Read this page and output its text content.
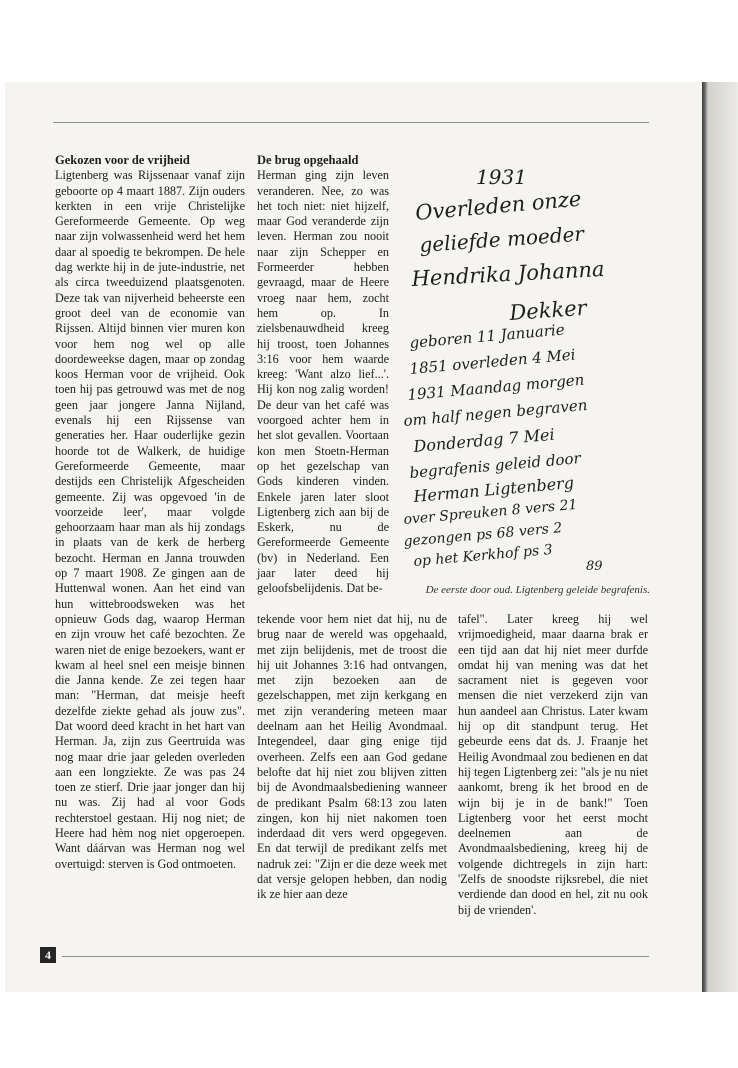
Gekozen voor de vrijheid

Ligtenberg was Rijssenaar vanaf zijn geboorte op 4 maart 1887. Zijn ouders kerkten in een vrije Christelijke Gereformeerde Gemeente. Op weg naar zijn volwassenheid werd het hem daar al spoedig te bekrompen. De hele dag werkte hij in de jute-industrie, net als circa tweeduizend plaatsgenoten. Deze tak van nijverheid beheerste een groot deel van de economie van Rijssen. Altijd binnen vier muren kon voor hem nog wel op alle doordeweekse dagen, maar op zondag koos Herman voor de vrijheid. Ook toen hij pas getrouwd was met de nog geen jaar jongere Janna Nijland, evenals hij een Rijssense van generaties her. Haar ouderlijke gezin hoorde tot de Walkerk, de huidige Gereformeerde Gemeente, maar destijds een Christelijk Afgescheiden gemeente. Zij was opgevoed 'in de voorzeide leer', maar volgde gehoorzaam haar man als hij zondags in plaats van de kerk de herberg bezocht. Herman en Janna trouwden op 7 maart 1908. Ze gingen aan de Huttenwal wonen. Aan het eind van hun wittebroodsweken was het opnieuw Gods dag, waarop Herman en zijn vrouw het café bezochten. Ze waren niet de enige bezoekers, want er kwam al heel snel een meisje binnen die Janna kende. Ze zei tegen haar man: "Herman, dat meisje heeft dezelfde ziekte gehad als jouw zus". Dat woord deed kracht in het hart van Herman. Ja, zijn zus Geertruida was nog maar drie jaar geleden overleden aan een longziekte. Ze was pas 24 toen ze stierf. Drie jaar jonger dan hij nu was. Zij had al voor Gods rechterstoel gestaan. Hij nog niet; de Heere had hèm nog niet opgeroepen. Want dáárvan was Herman nog wel overtuigd: sterven is God ontmoeten.

De brug opgehaald

Herman ging zijn leven veranderen. Nee, zo was het toch niet: niet hijzelf, maar God veranderde zijn leven. Herman zou nooit naar zijn Schepper en Formeerder hebben gevraagd, maar de Heere vroeg naar hem, zocht hem op. In zielsbenauwdheid kreeg hij troost, toen Johannes 3:16 voor hem waarde kreeg: 'Want alzo lief...'. Hij kon nog zalig worden! De deur van het café was voorgoed achter hem in het slot gevallen. Voortaan kon men Stoetn-Herman op het gezelschap van Gods kinderen vinden. Enkele jaren later sloot Ligtenberg zich aan bij de Eskerk, nu de Gereformeerde Gemeente (bv) in Nederland. Een jaar later deed hij geloofsbelijdenis. Dat be-

1931
Overleden onze
geliefde moeder
Hendrika Johanna
Dekker
geboren 11 Januarie
1851 overleden 4 Mei
1931 Maandag morgen
om half negen begraven
Donderdag 7 Mei
begrafenis geleid door
Herman Ligtenberg
over Spreuken 8 vers 21
gezongen ps 68 vers 2
op het Kerkhof ps 3	89

De eerste door oud. Ligtenberg geleide begrafenis.

tekende voor hem niet dat hij, nu de brug naar de wereld was opgehaald, met zijn belijdenis, met de troost die hij uit Johannes 3:16 had ontvangen, met zijn bezoeken aan de gezelschappen, met zijn kerkgang en met zijn verandering meteen maar deelnam aan het Heilig Avondmaal. Integendeel, daar ging enige tijd overheen. Zelfs een aan God gedane belofte dat hij niet zou blijven zitten bij de Avondmaalsbediening wanneer de predikant Psalm 68:13 zou laten zingen, kon hij niet nakomen toen inderdaad dit vers werd opgegeven. En dat terwijl de predikant zelfs met nadruk zei: "Zijn er die deze week met dat versje gelopen hebben, dan nodig ik ze hier aan deze

tafel". Later kreeg hij wel vrijmoedigheid, maar daarna brak er een tijd aan dat hij niet meer durfde omdat hij van mening was dat het sacrament niet is gegeven voor mensen die niet verzekerd zijn van hun aandeel aan Christus. Later kwam hij op dit standpunt terug. Het gebeurde eens dat ds. J. Fraanje het Heilig Avondmaal zou bedienen en dat hij tegen Ligtenberg zei: "als je nu niet aankomt, breng ik het brood en de wijn bij je in de bank!" Toen Ligtenberg voor het eerst mocht deelnemen aan de Avondmaalsbediening, kreeg hij de volgende dichtregels in zijn hart: 'Zelfs de snoodste rijksrebel, die niet verdiende dan dood en hel, zit nu ook bij de vrienden'.

4
